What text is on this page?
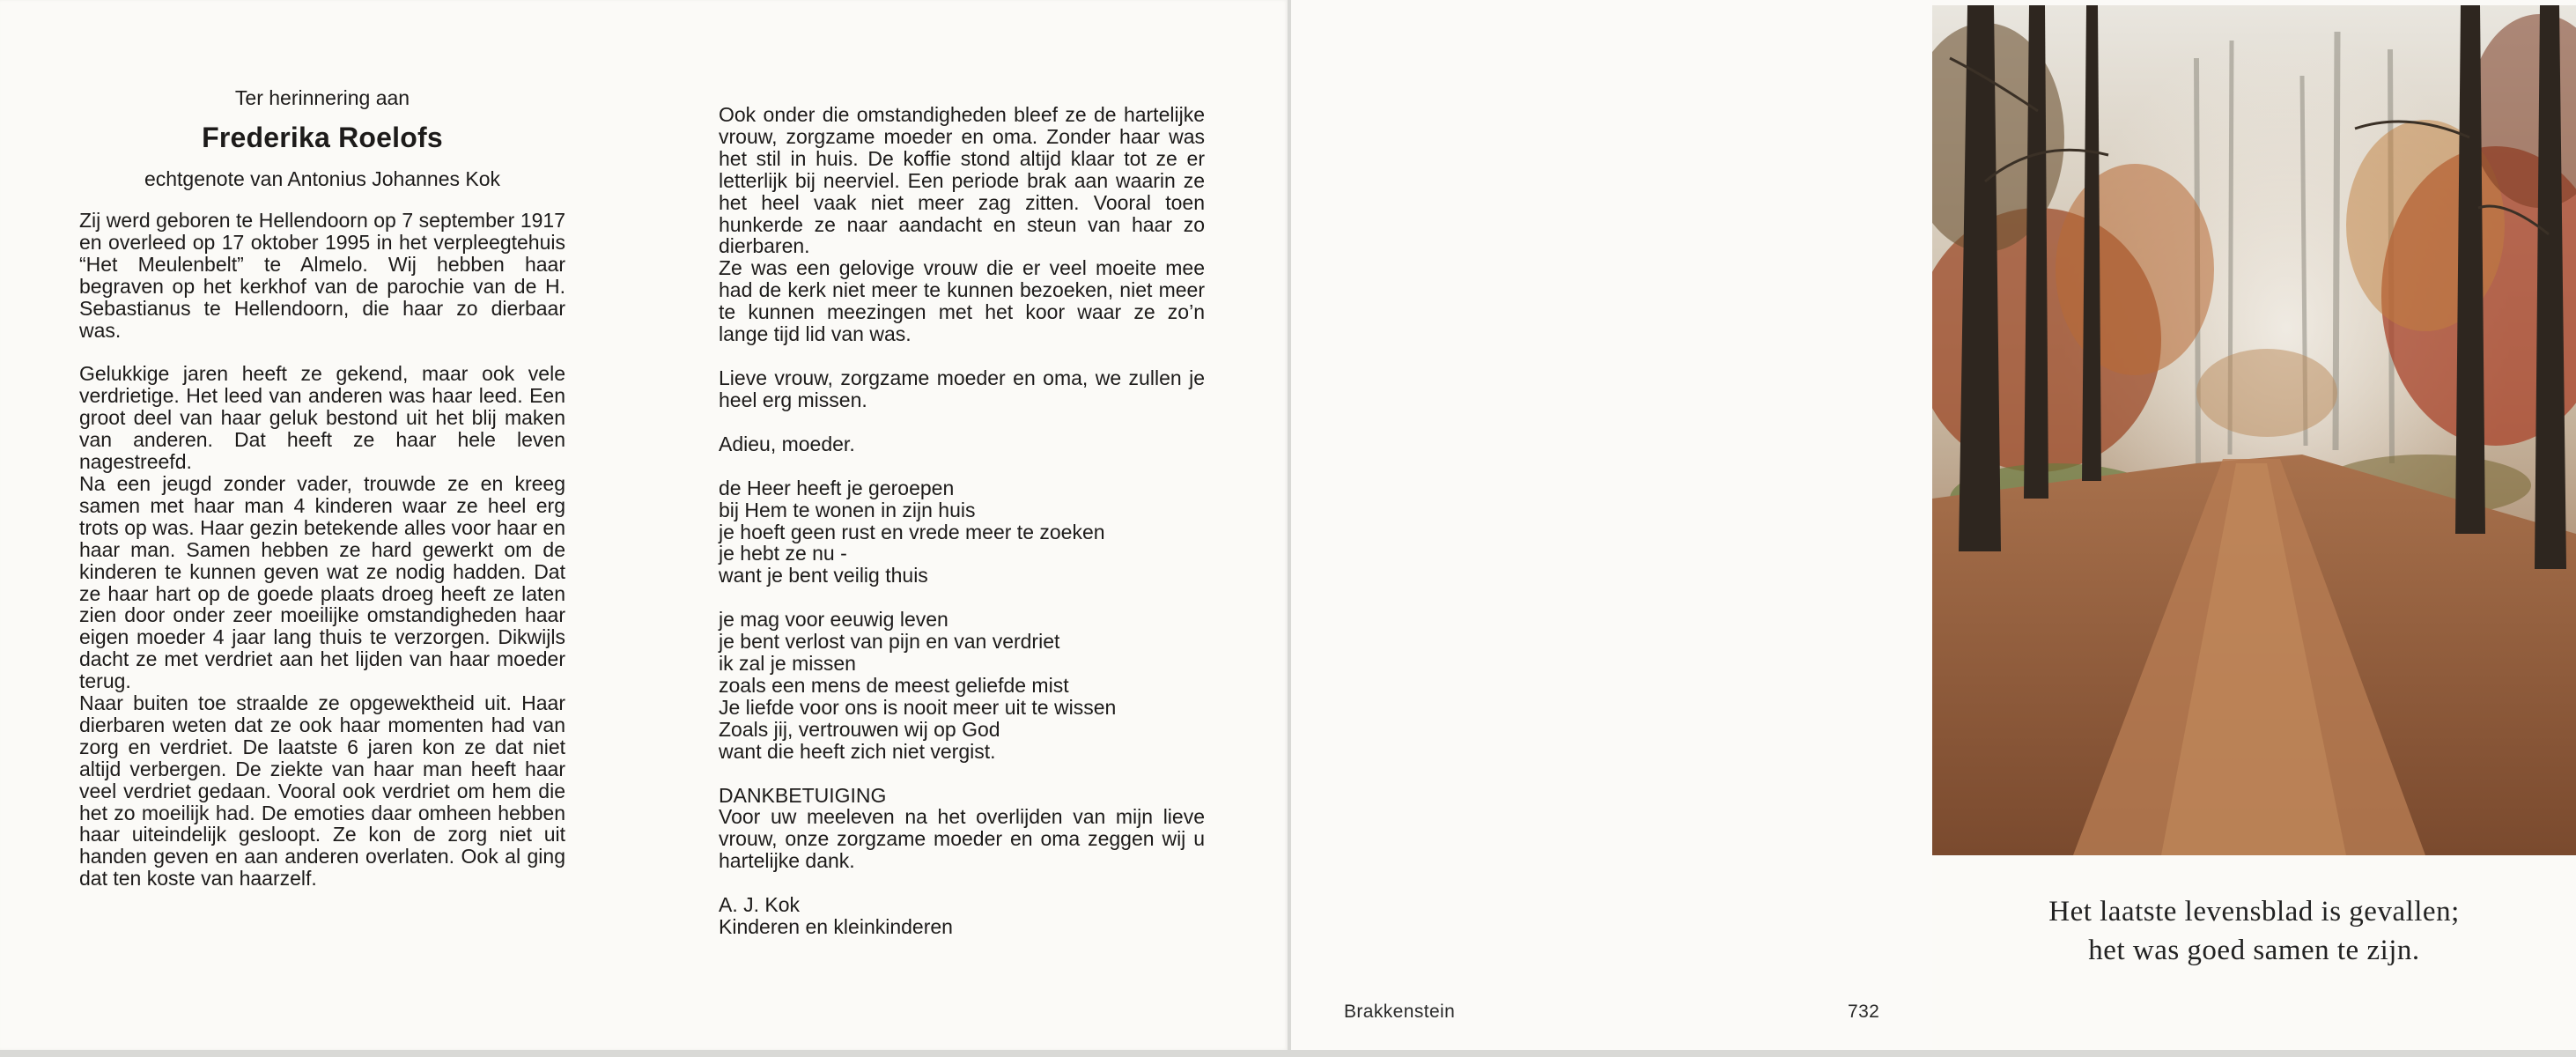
Ter herinnering aan
Frederika Roelofs
echtgenote van Antonius Johannes Kok

Zij werd geboren te Hellendoorn op 7 september 1917 en overleed op 17 oktober 1995 in het verpleegtehuis “Het Meulenbelt” te Almelo. Wij hebben haar begraven op het kerkhof van de parochie van de H. Sebastianus te Hellendoorn, die haar zo dierbaar was.

Gelukkige jaren heeft ze gekend, maar ook vele verdrietige. Het leed van anderen was haar leed. Een groot deel van haar geluk bestond uit het blij maken van anderen. Dat heeft ze haar hele leven nagestreefd.

Na een jeugd zonder vader, trouwde ze en kreeg samen met haar man 4 kinderen waar ze heel erg trots op was. Haar gezin betekende alles voor haar en haar man. Samen hebben ze hard gewerkt om de kinderen te kunnen geven wat ze nodig hadden. Dat ze haar hart op de goede plaats droeg heeft ze laten zien door onder zeer moeilijke omstandigheden haar eigen moeder 4 jaar lang thuis te verzorgen. Dikwijls dacht ze met verdriet aan het lijden van haar moeder terug.

Naar buiten toe straalde ze opgewektheid uit. Haar dierbaren weten dat ze ook haar momenten had van zorg en verdriet. De laatste 6 jaren kon ze dat niet altijd verbergen. De ziekte van haar man heeft haar veel verdriet gedaan. Vooral ook verdriet om hem die het zo moeilijk had. De emoties daar omheen hebben haar uiteindelijk gesloopt. Ze kon de zorg niet uit handen geven en aan anderen overlaten. Ook al ging dat ten koste van haarzelf.

Ook onder die omstandigheden bleef ze de hartelijke vrouw, zorgzame moeder en oma. Zonder haar was het stil in huis. De koffie stond altijd klaar tot ze er letterlijk bij neerviel. Een periode brak aan waarin ze het heel vaak niet meer zag zitten. Vooral toen hunkerde ze naar aandacht en steun van haar zo dierbaren.

Ze was een gelovige vrouw die er veel moeite mee had de kerk niet meer te kunnen bezoeken, niet meer te kunnen meezingen met het koor waar ze zo’n lange tijd lid van was.

Lieve vrouw, zorgzame moeder en oma, we zullen je heel erg missen.

Adieu, moeder.

de Heer heeft je geroepen

bij Hem te wonen in zijn huis

je hoeft geen rust en vrede meer te zoeken

je hebt ze nu -

want je bent veilig thuis

je mag voor eeuwig leven

je bent verlost van pijn en van verdriet

ik zal je missen

zoals een mens de meest geliefde mist

Je liefde voor ons is nooit meer uit te wissen

Zoals jij, vertrouwen wij op God

want die heeft zich niet vergist.

DANKBETUIGING

Voor uw meeleven na het overlijden van mijn lieve vrouw, onze zorgzame moeder en oma zeggen wij u hartelijke dank.

A. J. Kok

Kinderen en kleinkinderen

Brakkenstein	732
Het laatste levensblad is gevallen;
het was goed samen te zijn.
